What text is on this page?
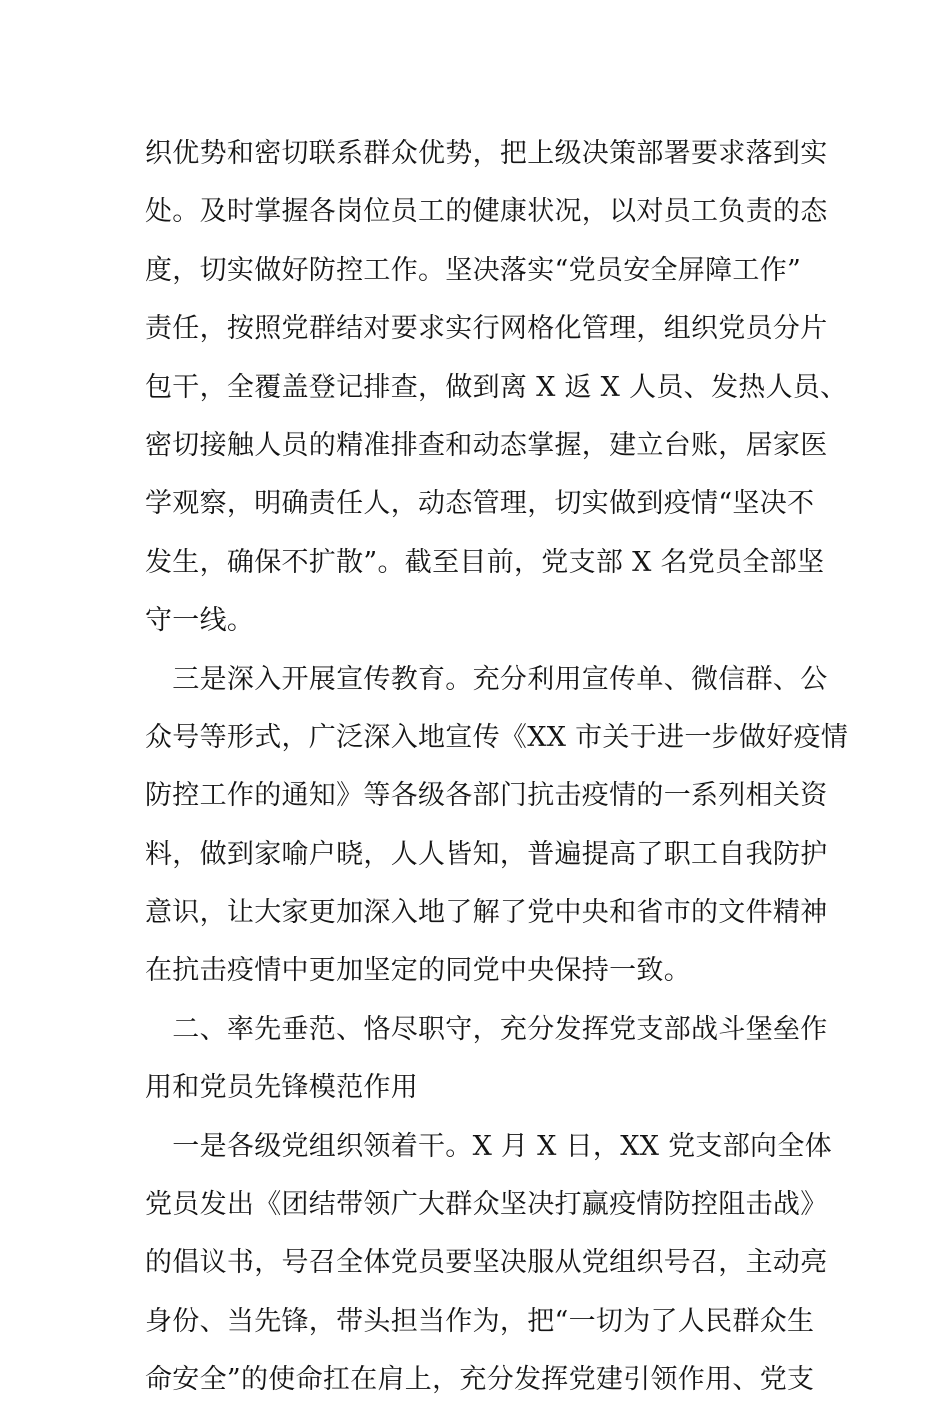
织优势和密切联系群众优势，把上级决策部署要求落到实
处。及时掌握各岗位员工的健康状况，以对员工负责的态
度，切实做好防控工作。坚决落实“党员安全屏障工作”
责任，按照党群结对要求实行网格化管理，组织党员分片
包干，全覆盖登记排查，做到离 X 返 X 人员、发热人员、
密切接触人员的精准排查和动态掌握，建立台账，居家医
学观察，明确责任人，动态管理，切实做到疫情“坚决不
发生，确保不扩散”。截至目前，党支部 X 名党员全部坚
守一线。
　三是深入开展宣传教育。充分利用宣传单、微信群、公
众号等形式，广泛深入地宣传《XX 市关于进一步做好疫情
防控工作的通知》等各级各部门抗击疫情的一系列相关资
料，做到家喻户晓，人人皆知，普遍提高了职工自我防护
意识，让大家更加深入地了解了党中央和省市的文件精神
在抗击疫情中更加坚定的同党中央保持一致。
　二、率先垂范、恪尽职守，充分发挥党支部战斗堡垒作
用和党员先锋模范作用
　一是各级党组织领着干。X 月 X 日，XX 党支部向全体
党员发出《团结带领广大群众坚决打赢疫情防控阻击战》
的倡议书，号召全体党员要坚决服从党组织号召，主动亮
身份、当先锋，带头担当作为，把“一切为了人民群众生
命安全”的使命扛在肩上，充分发挥党建引领作用、党支
